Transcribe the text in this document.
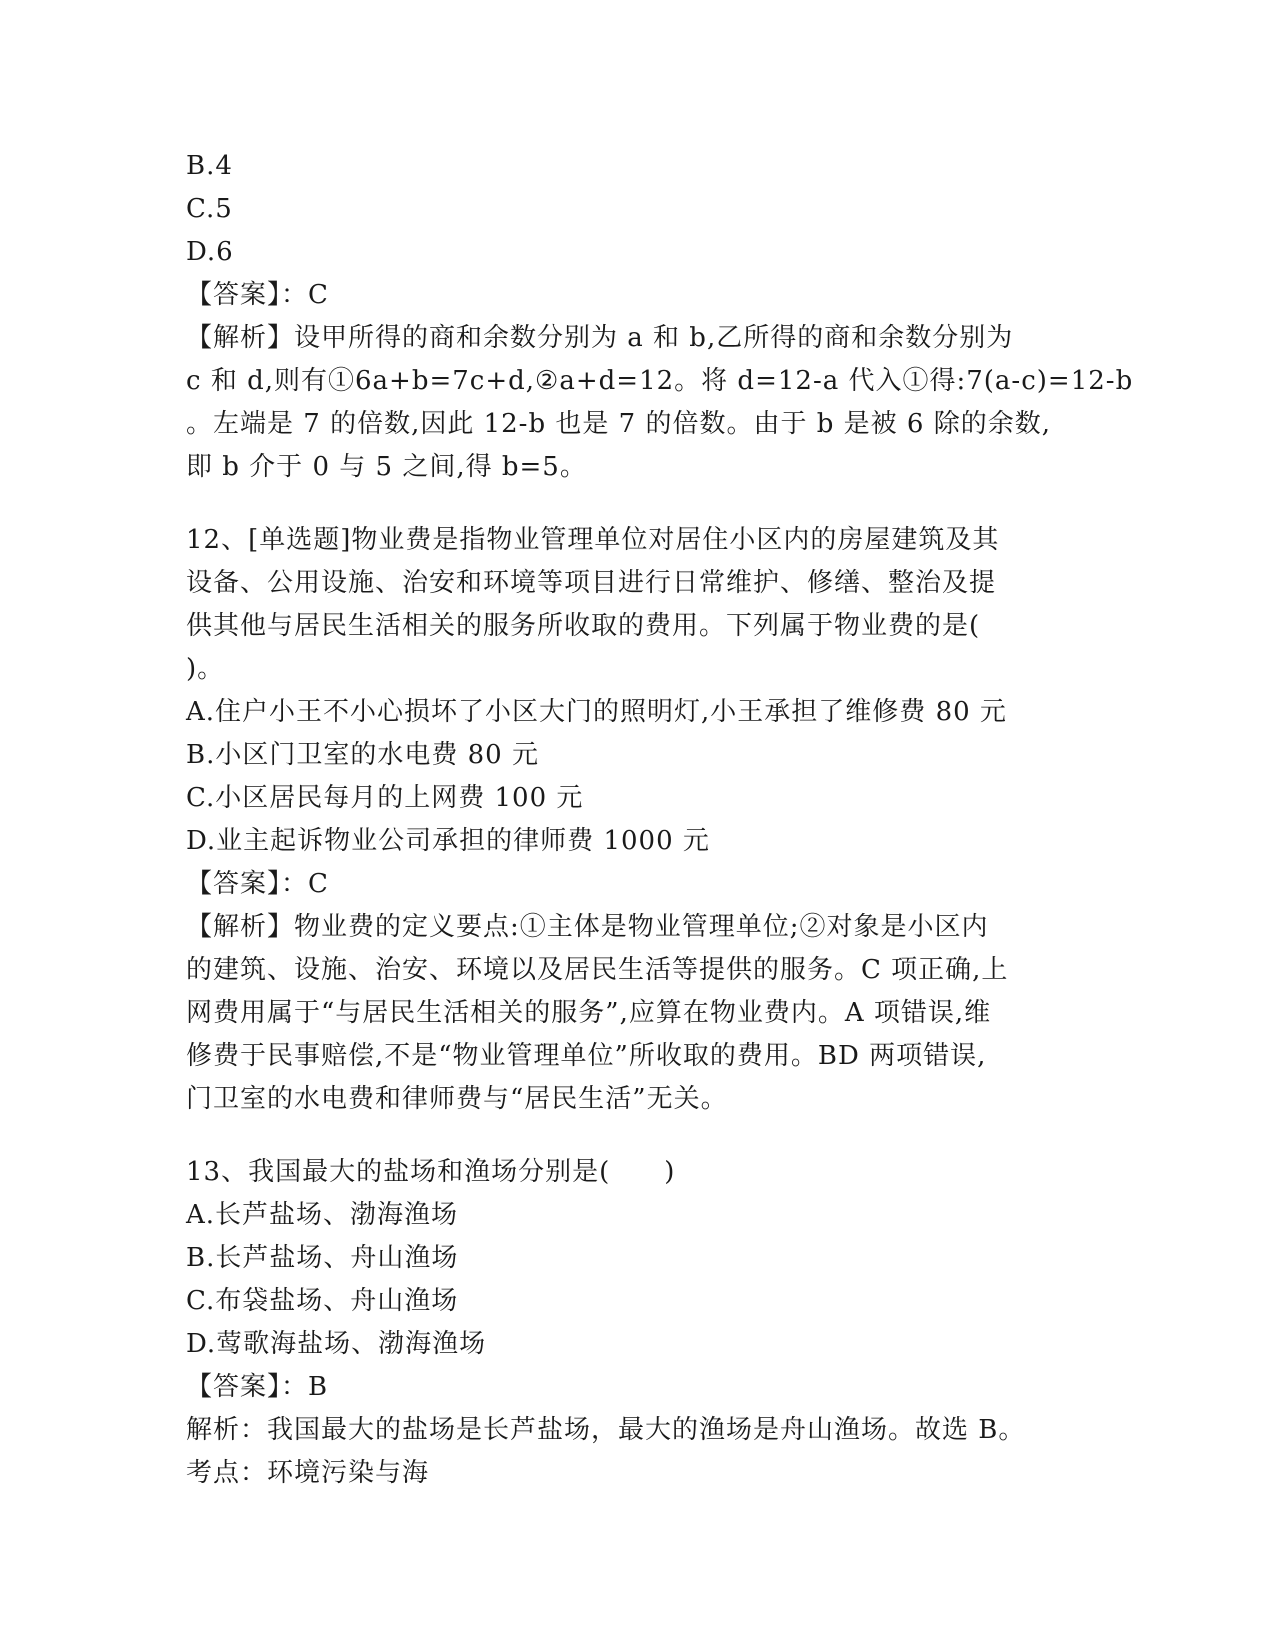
B.4
C.5
D.6
【答案】：C
【解析】设甲所得的商和余数分别为 a 和 b,乙所得的商和余数分别为
c 和 d,则有①6a+b=7c+d,②a+d=12。将 d=12-a 代入①得:7(a-c)=12-b
。左端是 7 的倍数,因此 12-b 也是 7 的倍数。由于 b 是被 6 除的余数,
即 b 介于 0 与 5 之间,得 b=5。
12、[单选题]物业费是指物业管理单位对居住小区内的房屋建筑及其
设备、公用设施、治安和环境等项目进行日常维护、修缮、整治及提
供其他与居民生活相关的服务所收取的费用。下列属于物业费的是(
)。
A.住户小王不小心损坏了小区大门的照明灯,小王承担了维修费 80 元
B.小区门卫室的水电费 80 元
C.小区居民每月的上网费 100 元
D.业主起诉物业公司承担的律师费 1000 元
【答案】：C
【解析】物业费的定义要点:①主体是物业管理单位;②对象是小区内
的建筑、设施、治安、环境以及居民生活等提供的服务。C 项正确,上
网费用属于“与居民生活相关的服务”,应算在物业费内。A 项错误,维
修费于民事赔偿,不是“物业管理单位”所收取的费用。BD 两项错误,
门卫室的水电费和律师费与“居民生活”无关。
13、我国最大的盐场和渔场分别是(　　)
A.长芦盐场、渤海渔场
B.长芦盐场、舟山渔场
C.布袋盐场、舟山渔场
D.莺歌海盐场、渤海渔场
【答案】：B
解析：我国最大的盐场是长芦盐场，最大的渔场是舟山渔场。故选 B。
考点：环境污染与海
